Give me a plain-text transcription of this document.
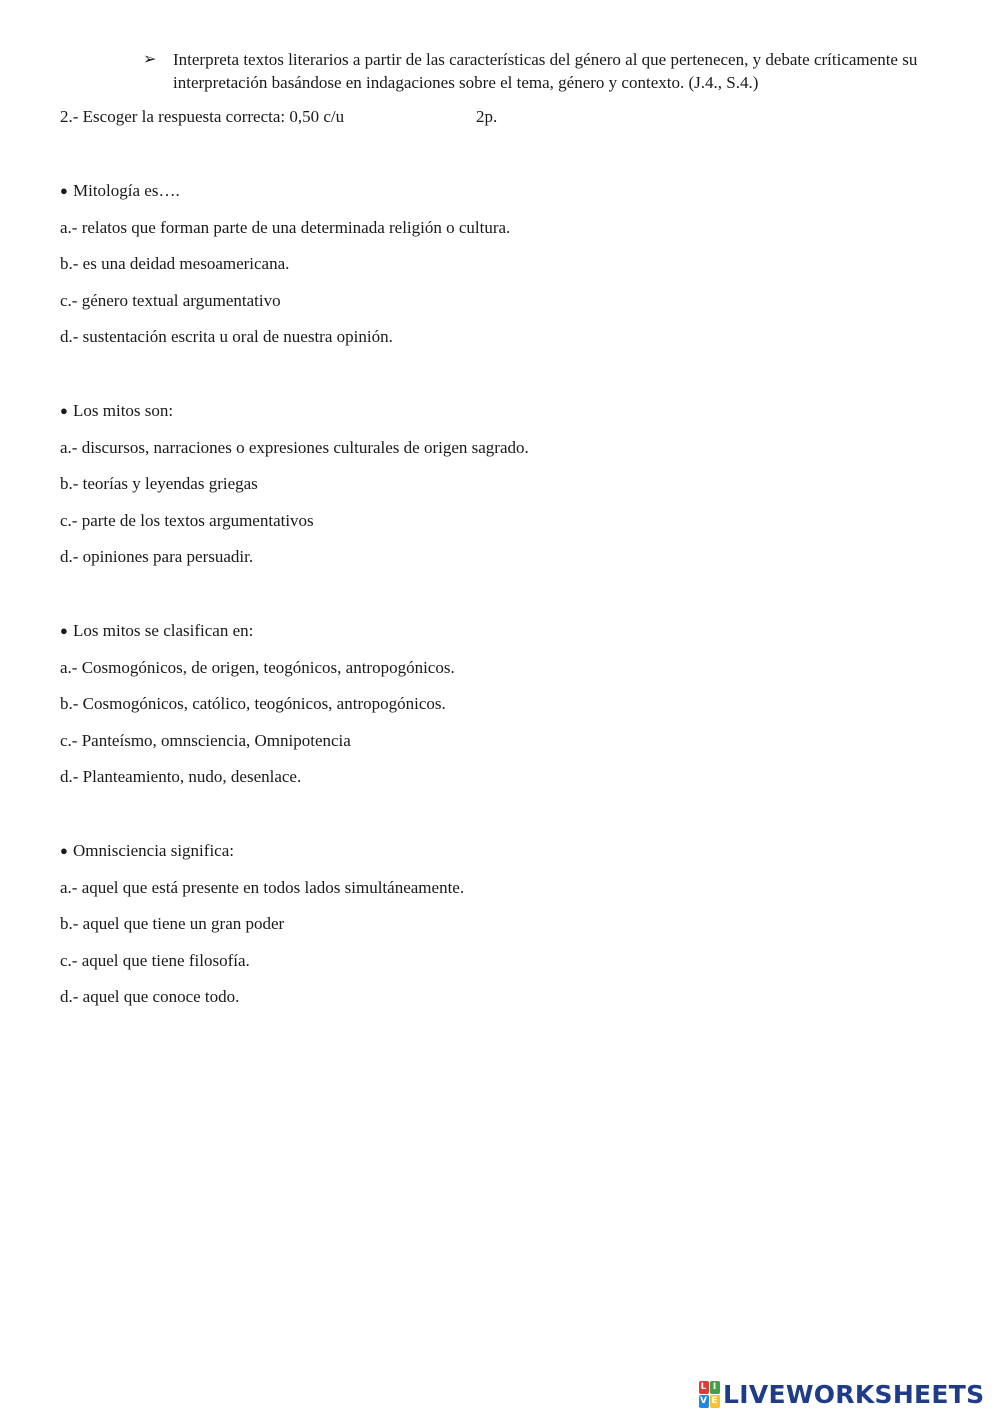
➢ Interpreta textos literarios a partir de las características del género al que pertenecen, y debate críticamente su interpretación basándose en indagaciones sobre el tema, género y contexto. (J.4., S.4.)
2.- Escoger la respuesta correcta: 0,50 c/u	2p.
● Mitología es….
a.- relatos que forman parte de una determinada religión o cultura.
b.- es una deidad mesoamericana.
c.- género textual argumentativo
d.- sustentación escrita u oral de nuestra opinión.
● Los mitos son:
a.- discursos, narraciones o expresiones culturales de origen sagrado.
b.- teorías y leyendas griegas
c.- parte de los textos argumentativos
d.- opiniones para persuadir.
● Los mitos se clasifican en:
a.- Cosmogónicos, de origen, teogónicos, antropogónicos.
b.- Cosmogónicos, católico, teogónicos, antropogónicos.
c.- Panteísmo, omnsciencia, Omnipotencia
d.- Planteamiento, nudo, desenlace.
● Omnisciencia significa:
a.- aquel que está presente en todos lados simultáneamente.
b.- aquel que tiene un gran poder
c.- aquel que tiene filosofía.
d.- aquel que conoce todo.
L I
V E LIVEWORKSHEETS
